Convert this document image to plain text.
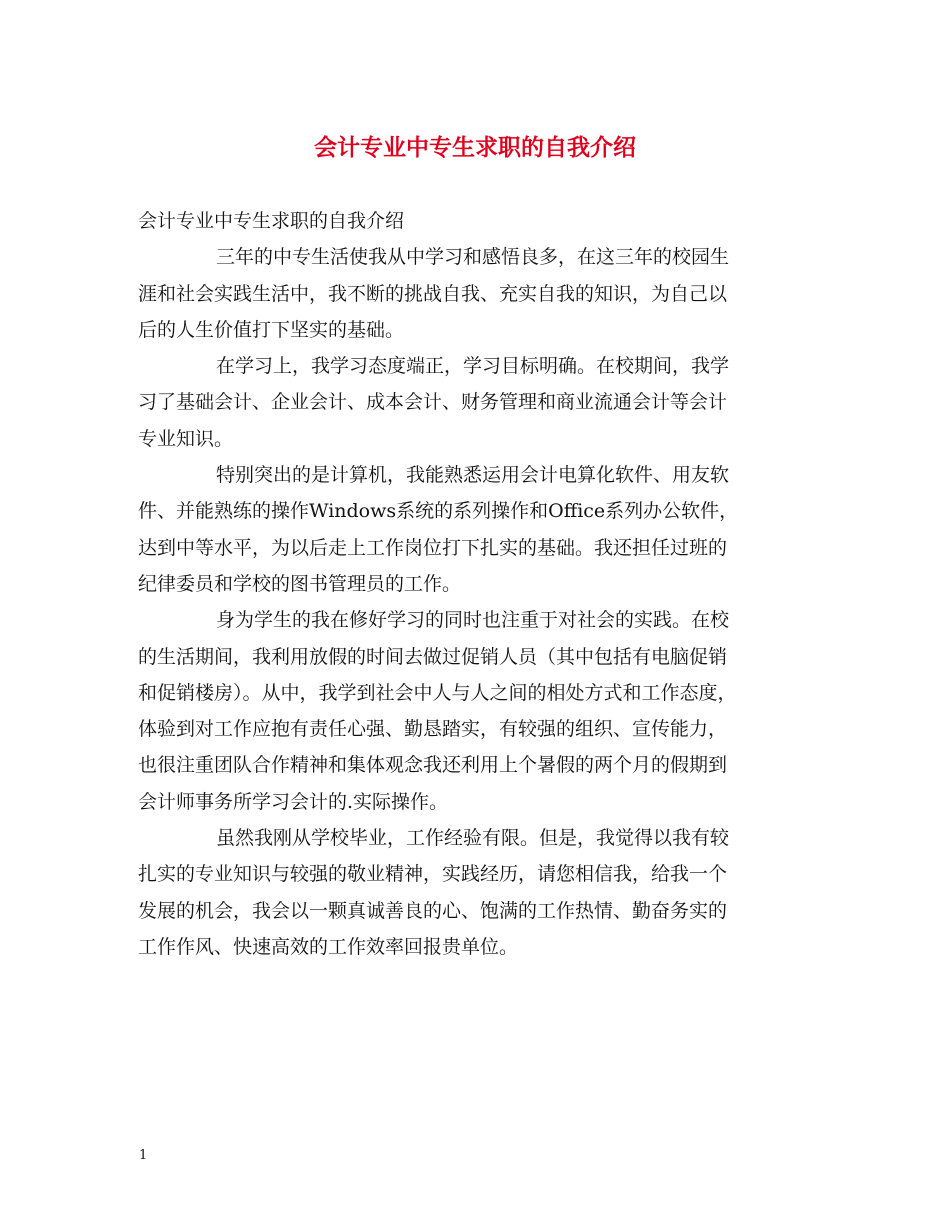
会计专业中专生求职的自我介绍
会计专业中专生求职的自我介绍
三年的中专生活使我从中学习和感悟良多，在这三年的校园生
涯和社会实践生活中，我不断的挑战自我、充实自我的知识，为自己以
后的人生价值打下坚实的基础。
在学习上，我学习态度端正，学习目标明确。在校期间，我学
习了基础会计、企业会计、成本会计、财务管理和商业流通会计等会计
专业知识。
特别突出的是计算机，我能熟悉运用会计电算化软件、用友软
件、并能熟练的操作Windows系统的系列操作和Office系列办公软件，
达到中等水平，为以后走上工作岗位打下扎实的基础。我还担任过班的
纪律委员和学校的图书管理员的工作。
身为学生的我在修好学习的同时也注重于对社会的实践。在校
的生活期间，我利用放假的时间去做过促销人员（其中包括有电脑促销
和促销楼房）。从中，我学到社会中人与人之间的相处方式和工作态度，
体验到对工作应抱有责任心强、勤恳踏实，有较强的组织、宣传能力，
也很注重团队合作精神和集体观念我还利用上个暑假的两个月的假期到
会计师事务所学习会计的.实际操作。
虽然我刚从学校毕业，工作经验有限。但是，我觉得以我有较
扎实的专业知识与较强的敬业精神，实践经历，请您相信我，给我一个
发展的机会，我会以一颗真诚善良的心、饱满的工作热情、勤奋务实的
工作作风、快速高效的工作效率回报贵单位。

1
